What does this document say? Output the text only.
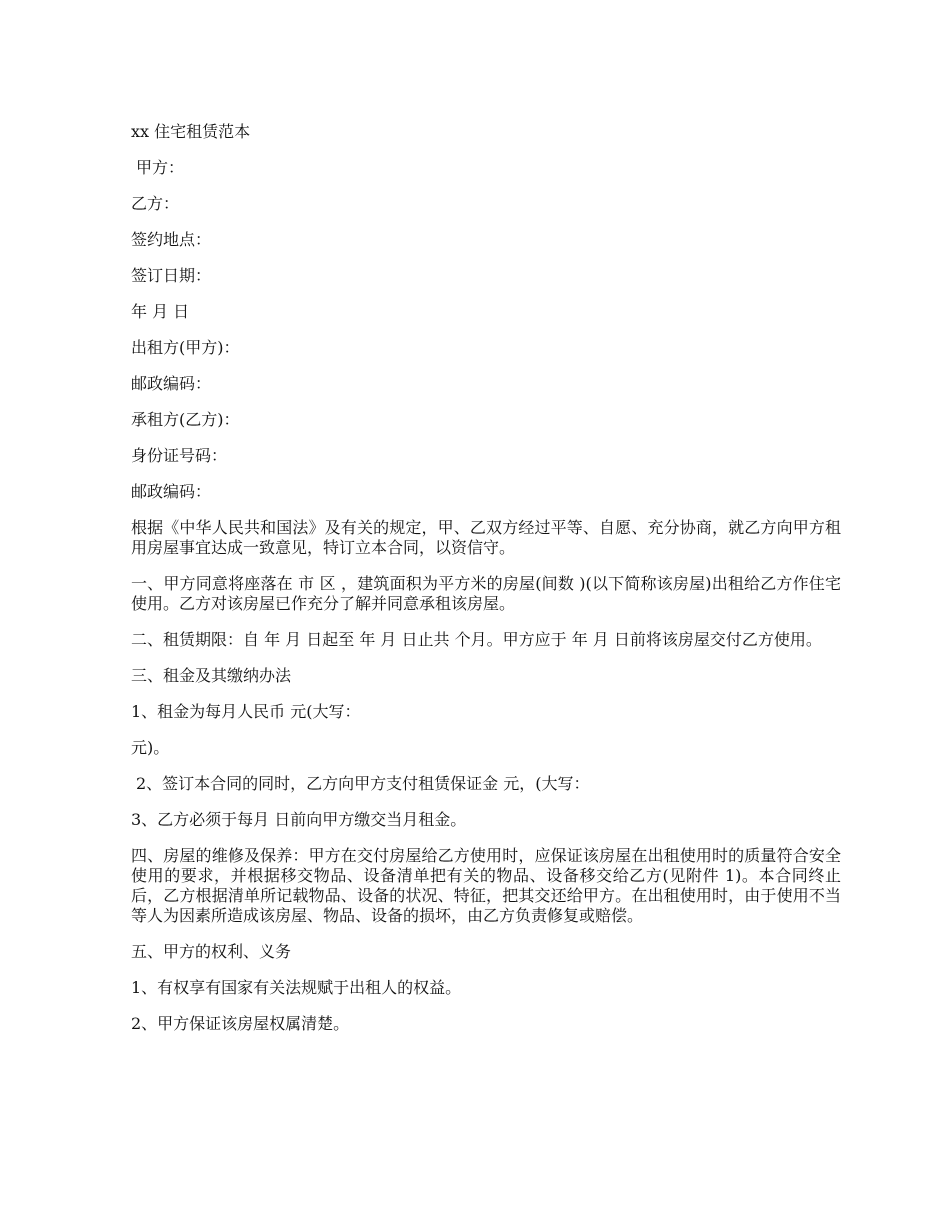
xx 住宅租赁范本
甲方：
乙方：
签约地点：
签订日期：
年 月 日
出租方(甲方)：
邮政编码：
承租方(乙方)：
身份证号码：
邮政编码：
根据《中华人民共和国法》及有关的规定，甲、乙双方经过平等、自愿、充分协商，就乙方向甲方租用房屋事宜达成一致意见，特订立本合同，以资信守。
一、甲方同意将座落在 市 区 ，建筑面积为平方米的房屋(间数 )(以下简称该房屋)出租给乙方作住宅使用。乙方对该房屋已作充分了解并同意承租该房屋。
二、租赁期限：自 年 月 日起至 年 月 日止共 个月。甲方应于 年 月 日前将该房屋交付乙方使用。
三、租金及其缴纳办法
1、租金为每月人民币 元(大写：
元)。
2、签订本合同的同时，乙方向甲方支付租赁保证金 元，(大写：
3、乙方必须于每月 日前向甲方缴交当月租金。
四、房屋的维修及保养：甲方在交付房屋给乙方使用时，应保证该房屋在出租使用时的质量符合安全使用的要求，并根据移交物品、设备清单把有关的物品、设备移交给乙方(见附件 1)。本合同终止后，乙方根据清单所记载物品、设备的状况、特征，把其交还给甲方。在出租使用时，由于使用不当等人为因素所造成该房屋、物品、设备的损坏，由乙方负责修复或赔偿。
五、甲方的权利、义务
1、有权享有国家有关法规赋于出租人的权益。
2、甲方保证该房屋权属清楚。
